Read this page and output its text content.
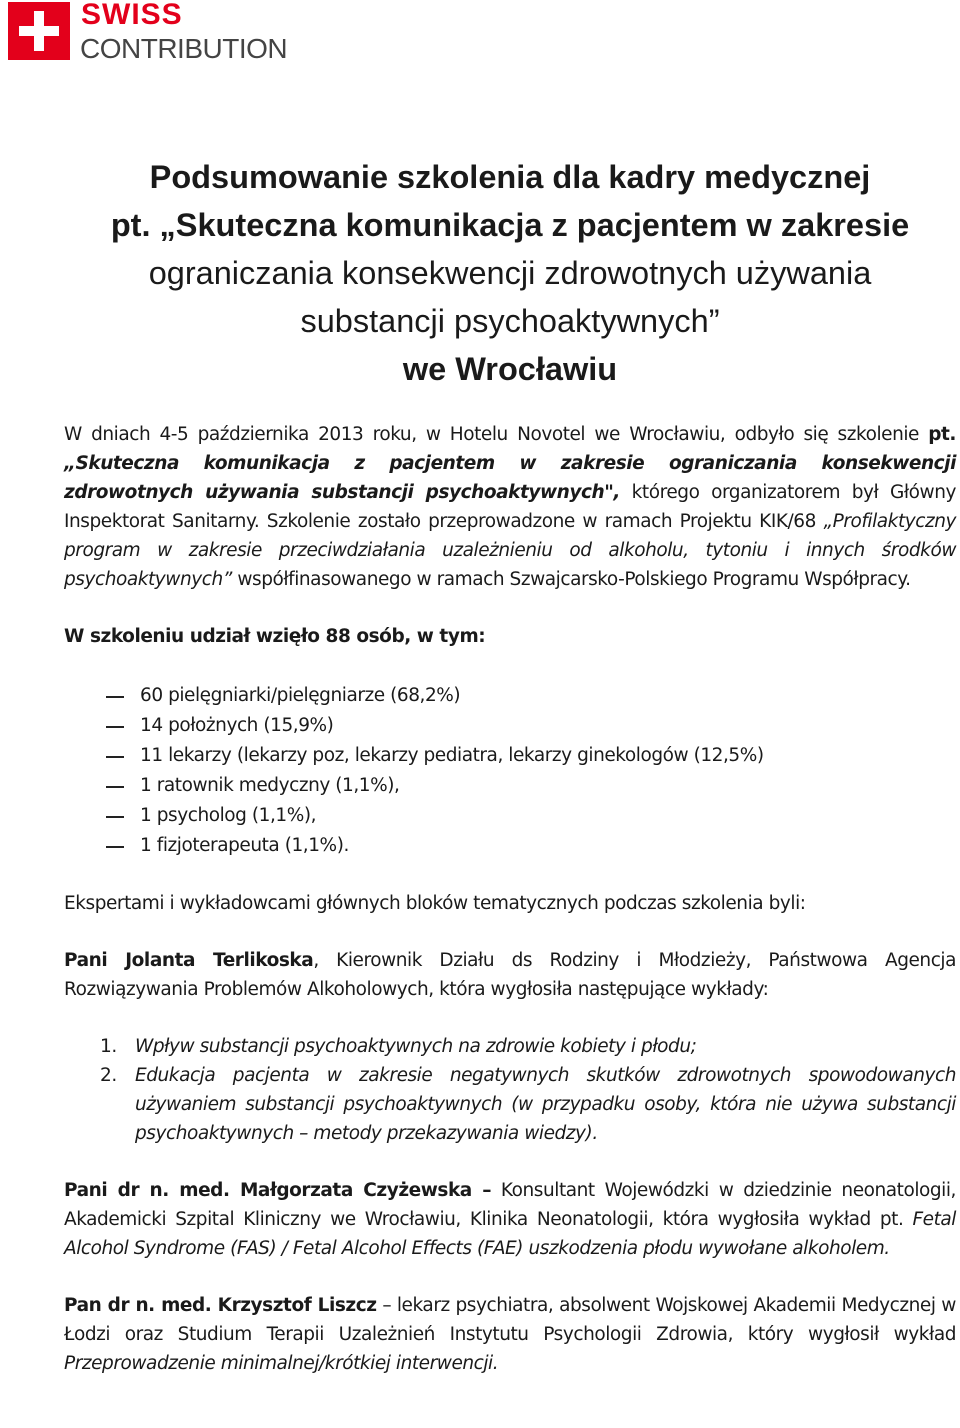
SWISS
CONTRIBUTION
Podsumowanie szkolenia dla kadry medycznej
pt. „Skuteczna komunikacja z pacjentem w zakresie
ograniczania konsekwencji zdrowotnych używania
substancji psychoaktywnych”
we Wrocławiu

W dniach 4-5 października 2013 roku, w Hotelu Novotel we Wrocławiu, odbyło się szkolenie pt. „Skuteczna komunikacja z pacjentem w zakresie ograniczania konsekwencji zdrowotnych używania substancji psychoaktywnych", którego organizatorem był Główny Inspektorat Sanitarny. Szkolenie zostało przeprowadzone w ramach Projektu KIK/68 „Profilaktyczny program w zakresie przeciwdziałania uzależnieniu od alkoholu, tytoniu i innych środków psychoaktywnych” współfinasowanego w ramach Szwajcarsko-Polskiego Programu Współpracy.

W szkoleniu udział wzięło 88 osób, w tym:

60 pielęgniarki/pielęgniarze (68,2%)
14 położnych (15,9%)
11 lekarzy (lekarzy poz, lekarzy pediatra, lekarzy ginekologów (12,5%)
1 ratownik medyczny (1,1%),
1 psycholog (1,1%),
1 fizjoterapeuta (1,1%).

Ekspertami i wykładowcami głównych bloków tematycznych podczas szkolenia byli:

Pani Jolanta Terlikoska, Kierownik Działu ds Rodziny i Młodzieży, Państwowa Agencja Rozwiązywania Problemów Alkoholowych, która wygłosiła następujące wykłady:

1. Wpływ substancji psychoaktywnych na zdrowie kobiety i płodu;
2. Edukacja pacjenta w zakresie negatywnych skutków zdrowotnych spowodowanych używaniem substancji psychoaktywnych (w przypadku osoby, która nie używa substancji psychoaktywnych – metody przekazywania wiedzy).

Pani dr n. med. Małgorzata Czyżewska – Konsultant Wojewódzki w dziedzinie neonatologii, Akademicki Szpital Kliniczny we Wrocławiu, Klinika Neonatologii, która wygłosiła wykład pt. Fetal Alcohol Syndrome (FAS) / Fetal Alcohol Effects (FAE) uszkodzenia płodu wywołane alkoholem.

Pan dr n. med. Krzysztof Liszcz – lekarz psychiatra, absolwent Wojskowej Akademii Medycznej w Łodzi oraz Studium Terapii Uzależnień Instytutu Psychologii Zdrowia, który wygłosił wykład Przeprowadzenie minimalnej/krótkiej interwencji.
